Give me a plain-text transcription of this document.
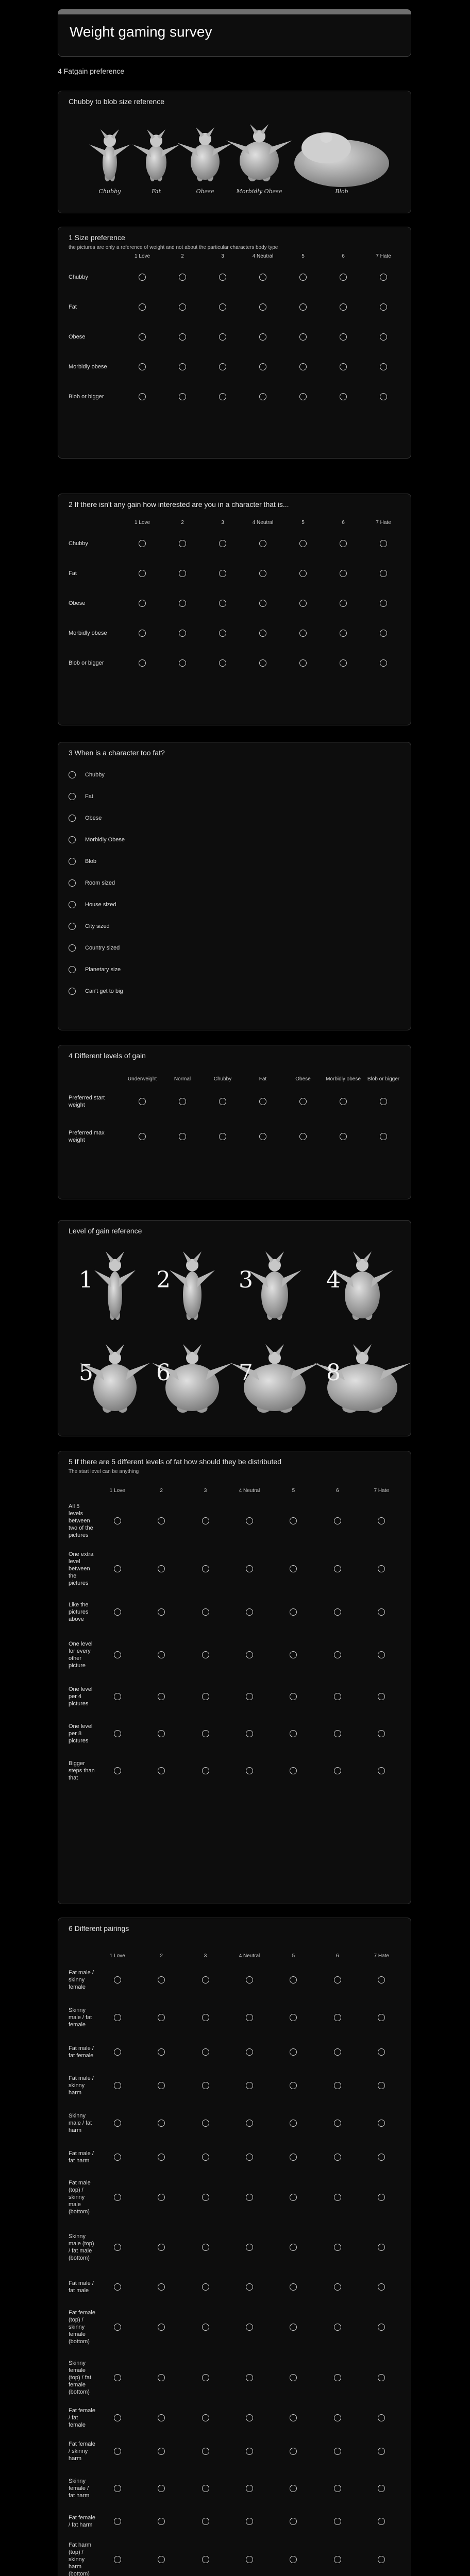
Weight gaming survey
4 Fatgain preference
Chubby to blob size reference
Chubby	Fat	Obese	Morbidly Obese	Blob
1 Size preference
the pictures are only a reference of weight and not about the particular characters body type
	1 Love	2	3	4 Neutral	5	6	7 Hate
Chubby							
Fat							
Obese							
Morbidly obese							
Blob or bigger							
2 If there isn't any gain how interested are you in a character that is...
	1 Love	2	3	4 Neutral	5	6	7 Hate
Chubby							
Fat							
Obese							
Morbidly obese							
Blob or bigger							
3 When is a character too fat?
Chubby
Fat
Obese
Morbidly Obese
Blob
Room sized
House sized
City sized
Country sized
Planetary size
Can't get to big
4 Different levels of gain
	Underweight	Normal	Chubby	Fat	Obese	Morbidly obese	Blob or bigger
Preferred start weight							
Preferred max weight							
Level of gain reference
1	2	3	4
5	6	7	8
5 If there are 5 different levels of fat how should they be distributed
The start level can be anything
	1 Love	2	3	4 Neutral	5	6	7 Hate
All 5 levels between two of the pictures							
One extra level between the pictures							
Like the pictures above							
One level for every other picture							
One level per 4 pictures							
One level per 8 pictures							
Bigger steps than that							
6 Different pairings
	1 Love	2	3	4 Neutral	5	6	7 Hate
Fat male / skinny female							
Skinny male / fat female							
Fat male / fat female							
Fat male / skinny harm							
Skinny male / fat harm							
Fat male / fat harm							
Fat male (top) / skinny male (bottom)							
Skinny male (top) / fat male (bottom)							
Fat male / fat male							
Fat female (top) / skinny female (bottom)							
Skinny female (top) / fat female (bottom)							
Fat female / fat female							
Fat female / skinny harm							
Skinny female / fat harm							
Fat female / fat harm							
Fat harm (top) / skinny harm (bottom)							
